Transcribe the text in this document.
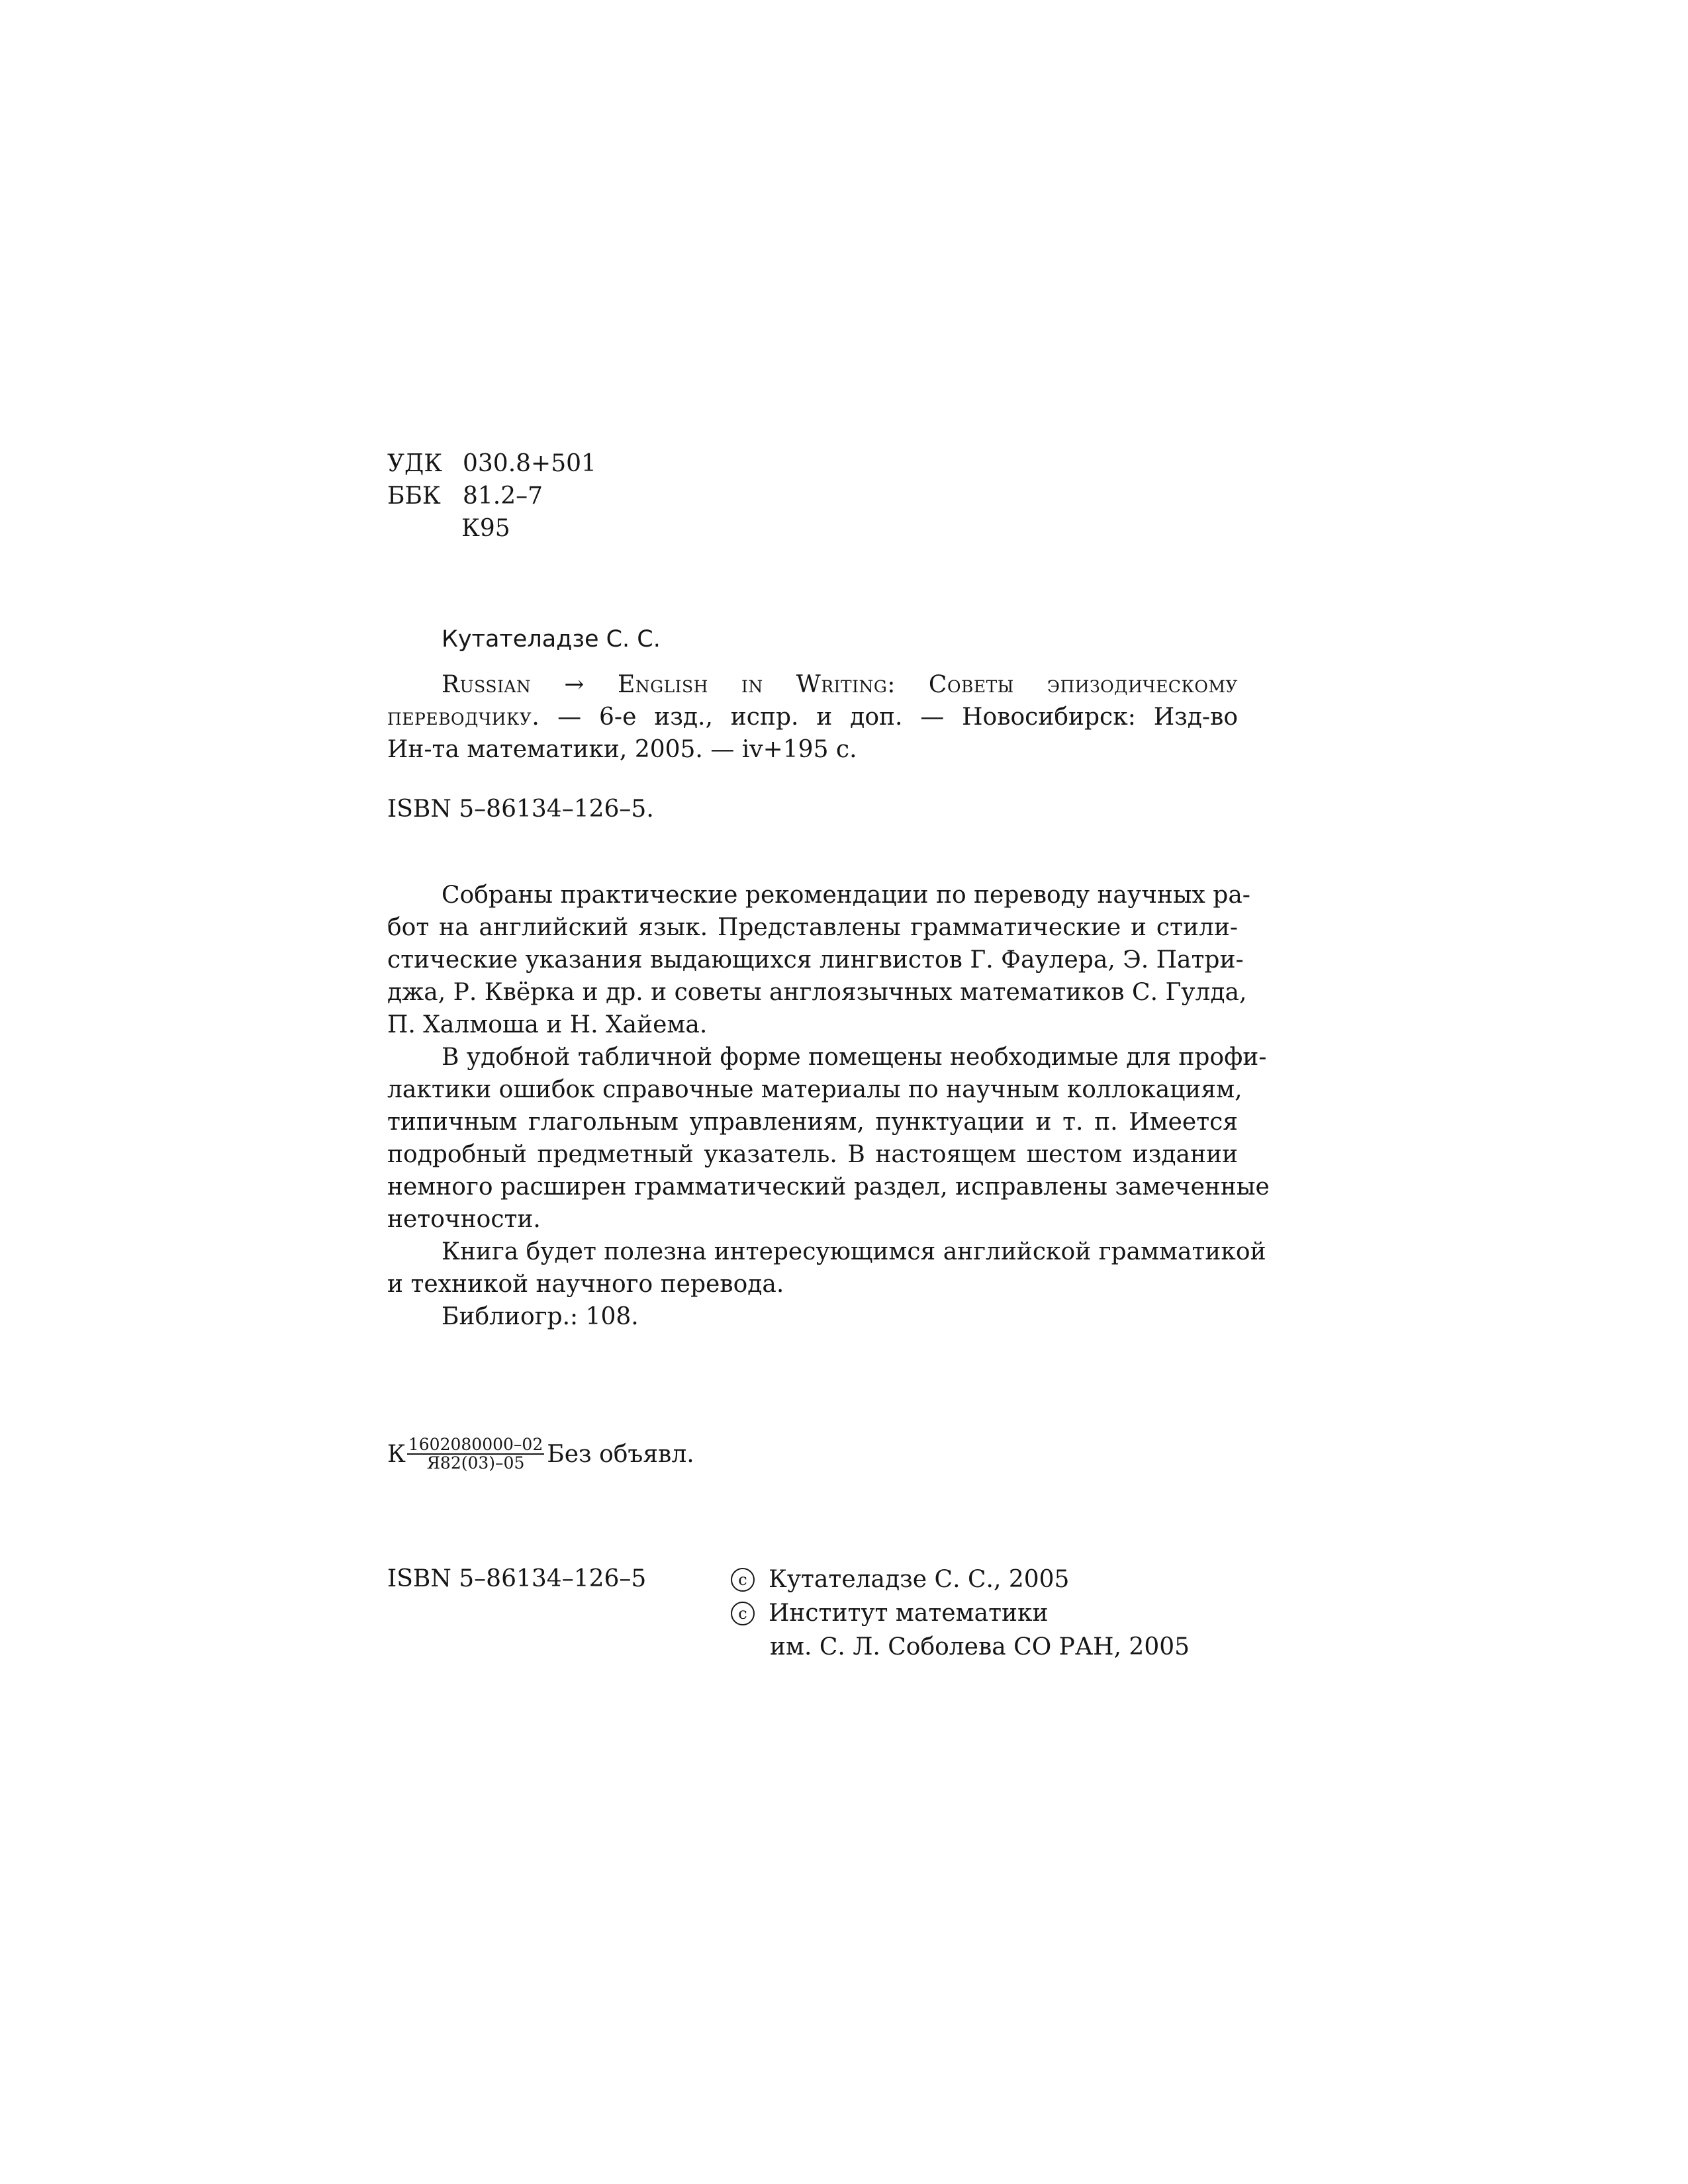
УДК 030.8+501
ББК 81.2–7
К95
Кутателадзе С. С.
Russian → English in Writing: Советы эпизодическому
переводчику. — 6-е изд., испр. и доп. — Новосибирск: Изд-во
Ин-та математики, 2005. — iv+195 с.
ISBN 5–86134–126–5.
Собраны практические рекомендации по переводу научных ра-
бот на английский язык. Представлены грамматические и стили-
стические указания выдающихся лингвистов Г. Фаулера, Э. Патри-
джа, Р. Квёрка и др. и советы англоязычных математиков С. Гулда,
П. Халмоша и Н. Хайема.
В удобной табличной форме помещены необходимые для профи-
лактики ошибок справочные материалы по научным коллокациям,
типичным глагольным управлениям, пунктуации и т. п. Имеется
подробный предметный указатель. В настоящем шестом издании
немного расширен грамматический раздел, исправлены замеченные
неточности.
Книга будет полезна интересующимся английской грамматикой
и техникой научного перевода.
Библиогр.: 108.
К $\frac{1602080000-02}{Я82(03)-05}$ Без объявл.
ISBN 5–86134–126–5	c Кутателадзе С. С., 2005
c Институт математики
им. С. Л. Соболева СО РАН, 2005
